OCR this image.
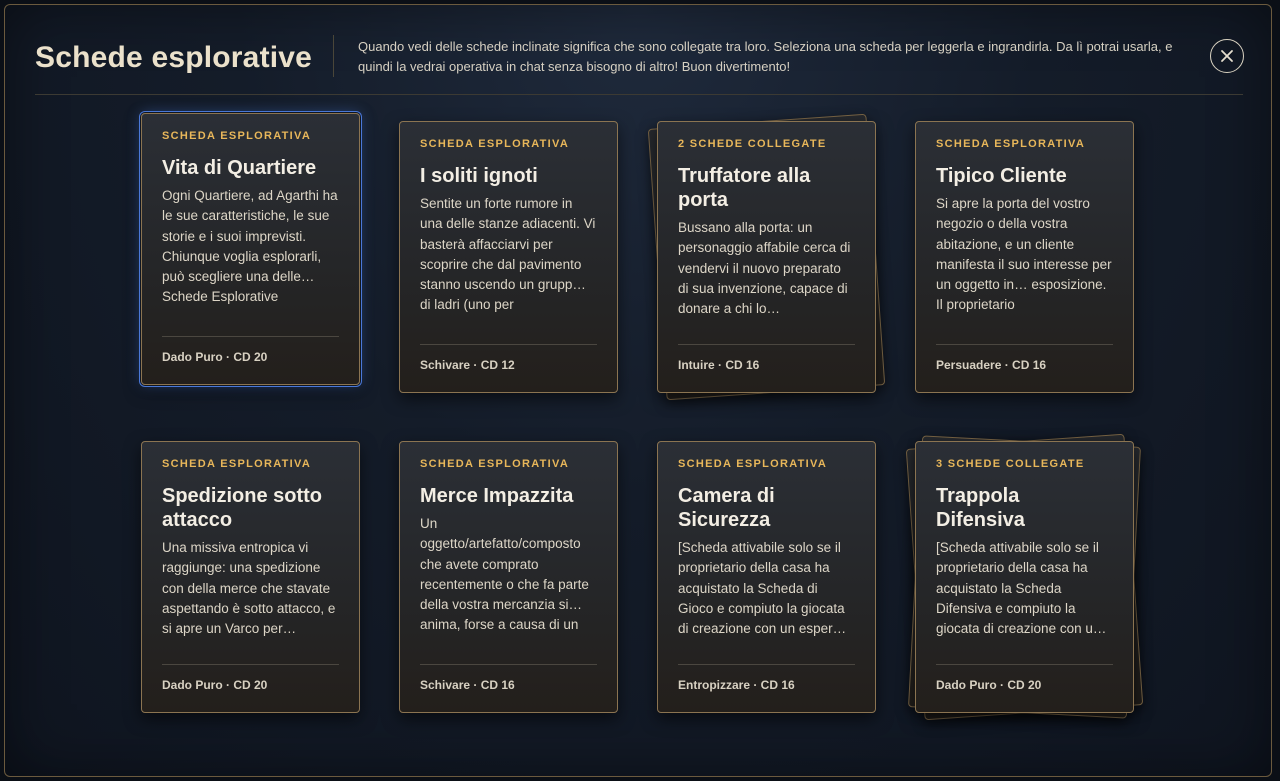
Schede esplorative	Quando vedi delle schede inclinate significa che sono collegate tra loro. Seleziona una scheda per leggerla e ingrandirla. Da lì potrai usarla, e quindi la vedrai operativa in chat senza bisogno di altro! Buon divertimento!

SCHEDA ESPLORATIVA
Vita di Quartiere
Ogni Quartiere, ad Agarthi ha le sue caratteristiche, le sue storie e i suoi imprevisti. Chiunque voglia esplorarli, può scegliere una delle… Schede Esplorative
Dado Puro · CD 20
SCHEDA ESPLORATIVA
I soliti ignoti
Sentite un forte rumore in una delle stanze adiacenti. Vi basterà affacciarvi per scoprire che dal pavimento stanno uscendo un grupp… di ladri (uno per
Schivare · CD 12
2 SCHEDE COLLEGATE
Truffatore alla porta
Bussano alla porta: un personaggio affabile cerca di vendervi il nuovo preparato di sua invenzione, capace di donare a chi lo…
Intuire · CD 16
SCHEDA ESPLORATIVA
Tipico Cliente
Si apre la porta del vostro negozio o della vostra abitazione, e un cliente manifesta il suo interesse per un oggetto in… esposizione. Il proprietario
Persuadere · CD 16
SCHEDA ESPLORATIVA
Spedizione sotto attacco
Una missiva entropica vi raggiunge: una spedizione con della merce che stavate aspettando è sotto attacco, e si apre un Varco per…
Dado Puro · CD 20
SCHEDA ESPLORATIVA
Merce Impazzita
Un oggetto/artefatto/composto che avete comprato recentemente o che fa parte della vostra mercanzia si… anima, forse a causa di un
Schivare · CD 16
SCHEDA ESPLORATIVA
Camera di Sicurezza
[Scheda attivabile solo se il proprietario della casa ha acquistato la Scheda di Gioco e compiuto la giocata di creazione con un esper…
Entropizzare · CD 16
3 SCHEDE COLLEGATE
Trappola Difensiva
[Scheda attivabile solo se il proprietario della casa ha acquistato la Scheda Difensiva e compiuto la giocata di creazione con u…
Dado Puro · CD 20
